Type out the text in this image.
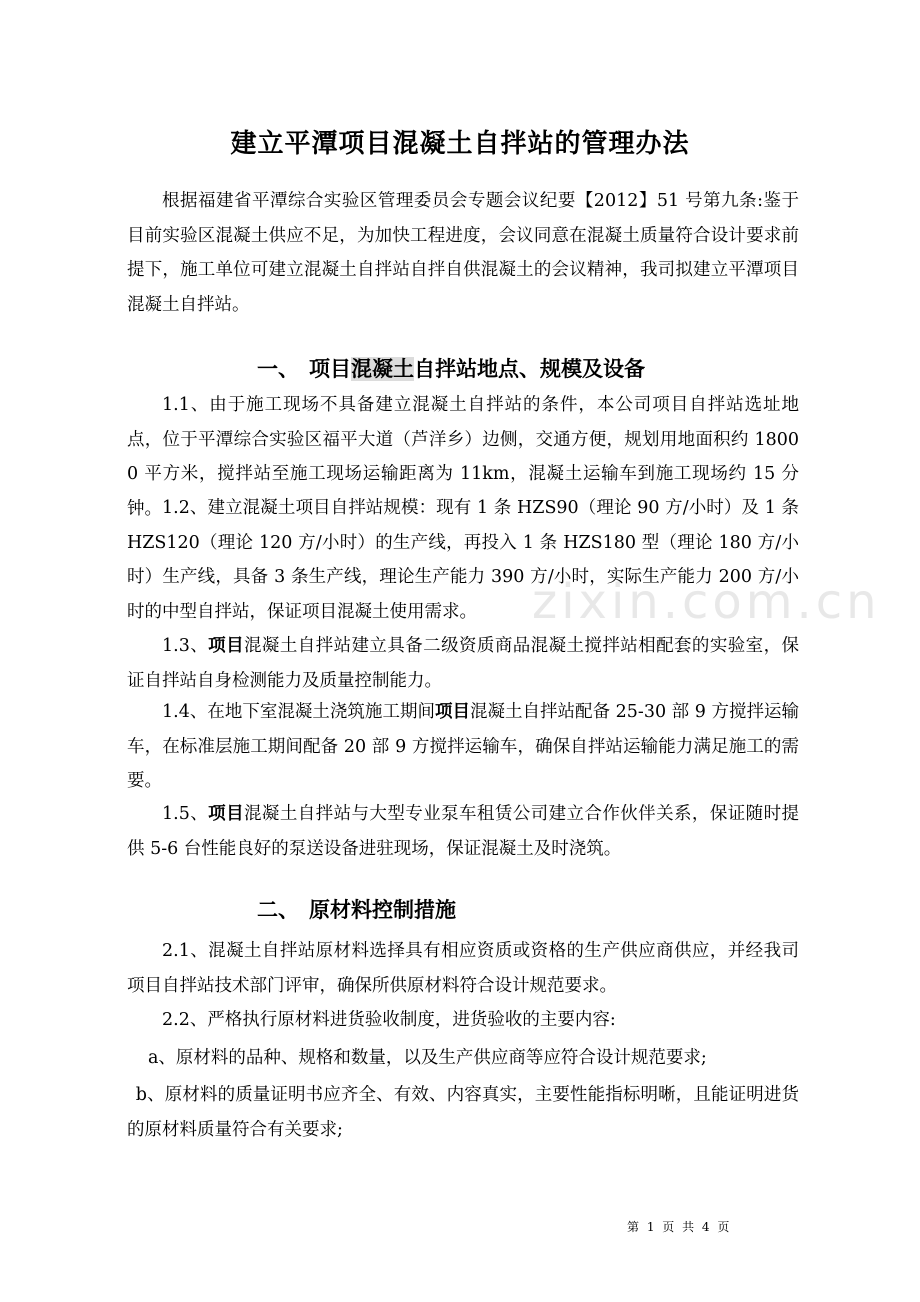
zixin.com.cn
建立平潭项目混凝土自拌站的管理办法
根据福建省平潭综合实验区管理委员会专题会议纪要【2012】51 号第九条:鉴于目前实验区混凝土供应不足，为加快工程进度，会议同意在混凝土质量符合设计要求前提下，施工单位可建立混凝土自拌站自拌自供混凝土的会议精神，我司拟建立平潭项目混凝土自拌站。
一、 项目混凝土自拌站地点、规模及设备
1.1、由于施工现场不具备建立混凝土自拌站的条件，本公司项目自拌站选址地点，位于平潭综合实验区福平大道（芦洋乡）边侧，交通方便，规划用地面积约 18000 平方米，搅拌站至施工现场运输距离为 11km，混凝土运输车到施工现场约 15 分钟。 1.2、建立混凝土项目自拌站规模：现有 1 条 HZS90（理论 90 方/小时）及 1 条 HZS120（理论 120 方/小时）的生产线，再投入 1 条 HZS180 型（理论 180 方/小时）生产线，具备 3 条生产线，理论生产能力 390 方/小时，实际生产能力 200 方/小时的中型自拌站，保证项目混凝土使用需求。
1.3、项目混凝土自拌站建立具备二级资质商品混凝土搅拌站相配套的实验室，保证自拌站自身检测能力及质量控制能力。
1.4、在地下室混凝土浇筑施工期间项目混凝土自拌站配备 25-30 部 9 方搅拌运输车，在标准层施工期间配备 20 部 9 方搅拌运输车，确保自拌站运输能力满足施工的需要。
1.5、项目混凝土自拌站与大型专业泵车租赁公司建立合作伙伴关系，保证随时提供 5-6 台性能良好的泵送设备进驻现场，保证混凝土及时浇筑。
二、 原材料控制措施
2.1、混凝土自拌站原材料选择具有相应资质或资格的生产供应商供应，并经我司项目自拌站技术部门评审，确保所供原材料符合设计规范要求。
2.2、严格执行原材料进货验收制度，进货验收的主要内容:
a、原材料的品种、规格和数量，以及生产供应商等应符合设计规范要求;
b、原材料的质量证明书应齐全、有效、内容真实，主要性能指标明晰，且能证明进货的原材料质量符合有关要求;
第 1 页 共 4 页
